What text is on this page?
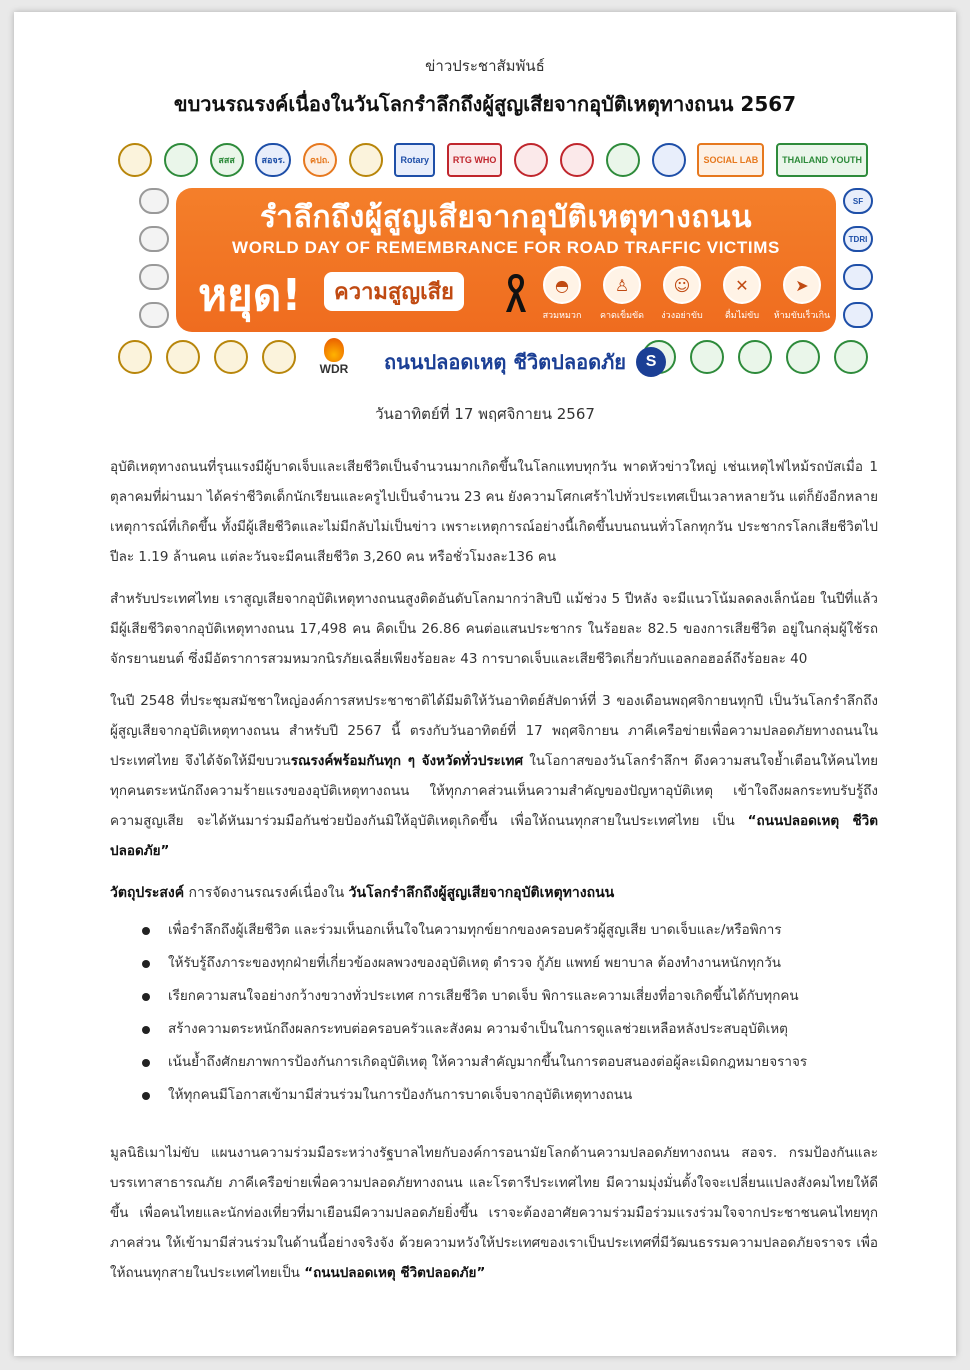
ข่าวประชาสัมพันธ์
ขบวนรณรงค์เนื่องในวันโลกรำลึกถึงผู้สูญเสียจากอุบัติเหตุทางถนน 2567
สสส	สอจร.	คปถ.	Rotary	RTG WHO	SOCIAL LAB	THAILAND YOUTH
SF
TDRI
รำลึกถึงผู้สูญเสียจากอุบัติเหตุทางถนน
WORLD DAY OF REMEMBRANCE FOR ROAD TRAFFIC VICTIMS
หยุด!	ความสูญเสีย	◓
สวมหมวก
♙
คาดเข็มขัด
☺
ง่วงอย่าขับ
✕
ดื่มไม่ขับ
➤
ห้ามขับเร็วเกิน
WDR ถนนปลอดเหตุ ชีวิตปลอดภัย	S
วันอาทิตย์ที่ 17 พฤศจิกายน 2567

อุบัติเหตุทางถนนที่รุนแรงมีผู้บาดเจ็บและเสียชีวิตเป็นจำนวนมากเกิดขึ้นในโลกแทบทุกวัน พาดหัวข่าวใหญ่ เช่นเหตุไฟไหม้รถบัสเมื่อ 1 ตุลาคมที่ผ่านมา ได้คร่าชีวิตเด็กนักเรียนและครูไปเป็นจำนวน 23 คน ยังความโศกเศร้าไปทั่วประเทศเป็นเวลาหลายวัน แต่ก็ยังอีกหลายเหตุการณ์ที่เกิดขึ้น ทั้งมีผู้เสียชีวิตและไม่มีกลับไม่เป็นข่าว เพราะเหตุการณ์อย่างนี้เกิดขึ้นบนถนนทั่วโลกทุกวัน ประชากรโลกเสียชีวิตไปปีละ 1.19 ล้านคน แต่ละวันจะมีคนเสียชีวิต 3,260 คน หรือชั่วโมงละ136 คน

สำหรับประเทศไทย เราสูญเสียจากอุบัติเหตุทางถนนสูงติดอันดับโลกมากว่าสิบปี แม้ช่วง 5 ปีหลัง จะมีแนวโน้มลดลงเล็กน้อย ในปีที่แล้วมีผู้เสียชีวิตจากอุบัติเหตุทางถนน 17,498 คน คิดเป็น 26.86 คนต่อแสนประชากร ในร้อยละ 82.5 ของการเสียชีวิต อยู่ในกลุ่มผู้ใช้รถจักรยานยนต์ ซึ่งมีอัตราการสวมหมวกนิรภัยเฉลี่ยเพียงร้อยละ 43 การบาดเจ็บและเสียชีวิตเกี่ยวกับแอลกอฮอล์ถึงร้อยละ 40

ในปี 2548 ที่ประชุมสมัชชาใหญ่องค์การสหประชาชาติได้มีมติให้วันอาทิตย์สัปดาห์ที่ 3 ของเดือนพฤศจิกายนทุกปี เป็นวันโลกรำลึกถึงผู้สูญเสียจากอุบัติเหตุทางถนน สำหรับปี 2567 นี้ ตรงกับวันอาทิตย์ที่ 17 พฤศจิกายน ภาคีเครือข่ายเพื่อความปลอดภัยทางถนนในประเทศไทย จึงได้จัดให้มีขบวนรณรงค์พร้อมกันทุก ๆ จังหวัดทั่วประเทศ ในโอกาสของวันโลกรำลึกฯ ดึงความสนใจย้ำเตือนให้คนไทยทุกคนตระหนักถึงความร้ายแรงของอุบัติเหตุทางถนน ให้ทุกภาคส่วนเห็นความสำคัญของปัญหาอุบัติเหตุ เข้าใจถึงผลกระทบรับรู้ถึงความสูญเสีย จะได้หันมาร่วมมือกันช่วยป้องกันมิให้อุบัติเหตุเกิดขึ้น เพื่อให้ถนนทุกสายในประเทศไทย เป็น “ถนนปลอดเหตุ ชีวิตปลอดภัย”

วัตถุประสงค์ การจัดงานรณรงค์เนื่องใน วันโลกรำลึกถึงผู้สูญเสียจากอุบัติเหตุทางถนน
เพื่อรำลึกถึงผู้เสียชีวิต และร่วมเห็นอกเห็นใจในความทุกข์ยากของครอบครัวผู้สูญเสีย บาดเจ็บและ/หรือพิการ
ให้รับรู้ถึงภาระของทุกฝ่ายที่เกี่ยวข้องผลพวงของอุบัติเหตุ ตำรวจ กู้ภัย แพทย์ พยาบาล ต้องทำงานหนักทุกวัน
เรียกความสนใจอย่างกว้างขวางทั่วประเทศ การเสียชีวิต บาดเจ็บ พิการและความเสี่ยงที่อาจเกิดขึ้นได้กับทุกคน
สร้างความตระหนักถึงผลกระทบต่อครอบครัวและสังคม ความจำเป็นในการดูแลช่วยเหลือหลังประสบอุบัติเหตุ
เน้นย้ำถึงศักยภาพการป้องกันการเกิดอุบัติเหตุ ให้ความสำคัญมากขึ้นในการตอบสนองต่อผู้ละเมิดกฎหมายจราจร
ให้ทุกคนมีโอกาสเข้ามามีส่วนร่วมในการป้องกันการบาดเจ็บจากอุบัติเหตุทางถนน

มูลนิธิเมาไม่ขับ แผนงานความร่วมมือระหว่างรัฐบาลไทยกับองค์การอนามัยโลกด้านความปลอดภัยทางถนน สอจร. กรมป้องกันและบรรเทาสาธารณภัย ภาคีเครือข่ายเพื่อความปลอดภัยทางถนน และโรตารีประเทศไทย มีความมุ่งมั่นตั้งใจจะเปลี่ยนแปลงสังคมไทยให้ดีขึ้น เพื่อคนไทยและนักท่องเที่ยวที่มาเยือนมีความปลอดภัยยิ่งขึ้น เราจะต้องอาศัยความร่วมมือร่วมแรงร่วมใจจากประชาชนคนไทยทุกภาคส่วน ให้เข้ามามีส่วนร่วมในด้านนี้อย่างจริงจัง ด้วยความหวังให้ประเทศของเราเป็นประเทศที่มีวัฒนธรรมความปลอดภัยจราจร เพื่อให้ถนนทุกสายในประเทศไทยเป็น “ถนนปลอดเหตุ ชีวิตปลอดภัย”
